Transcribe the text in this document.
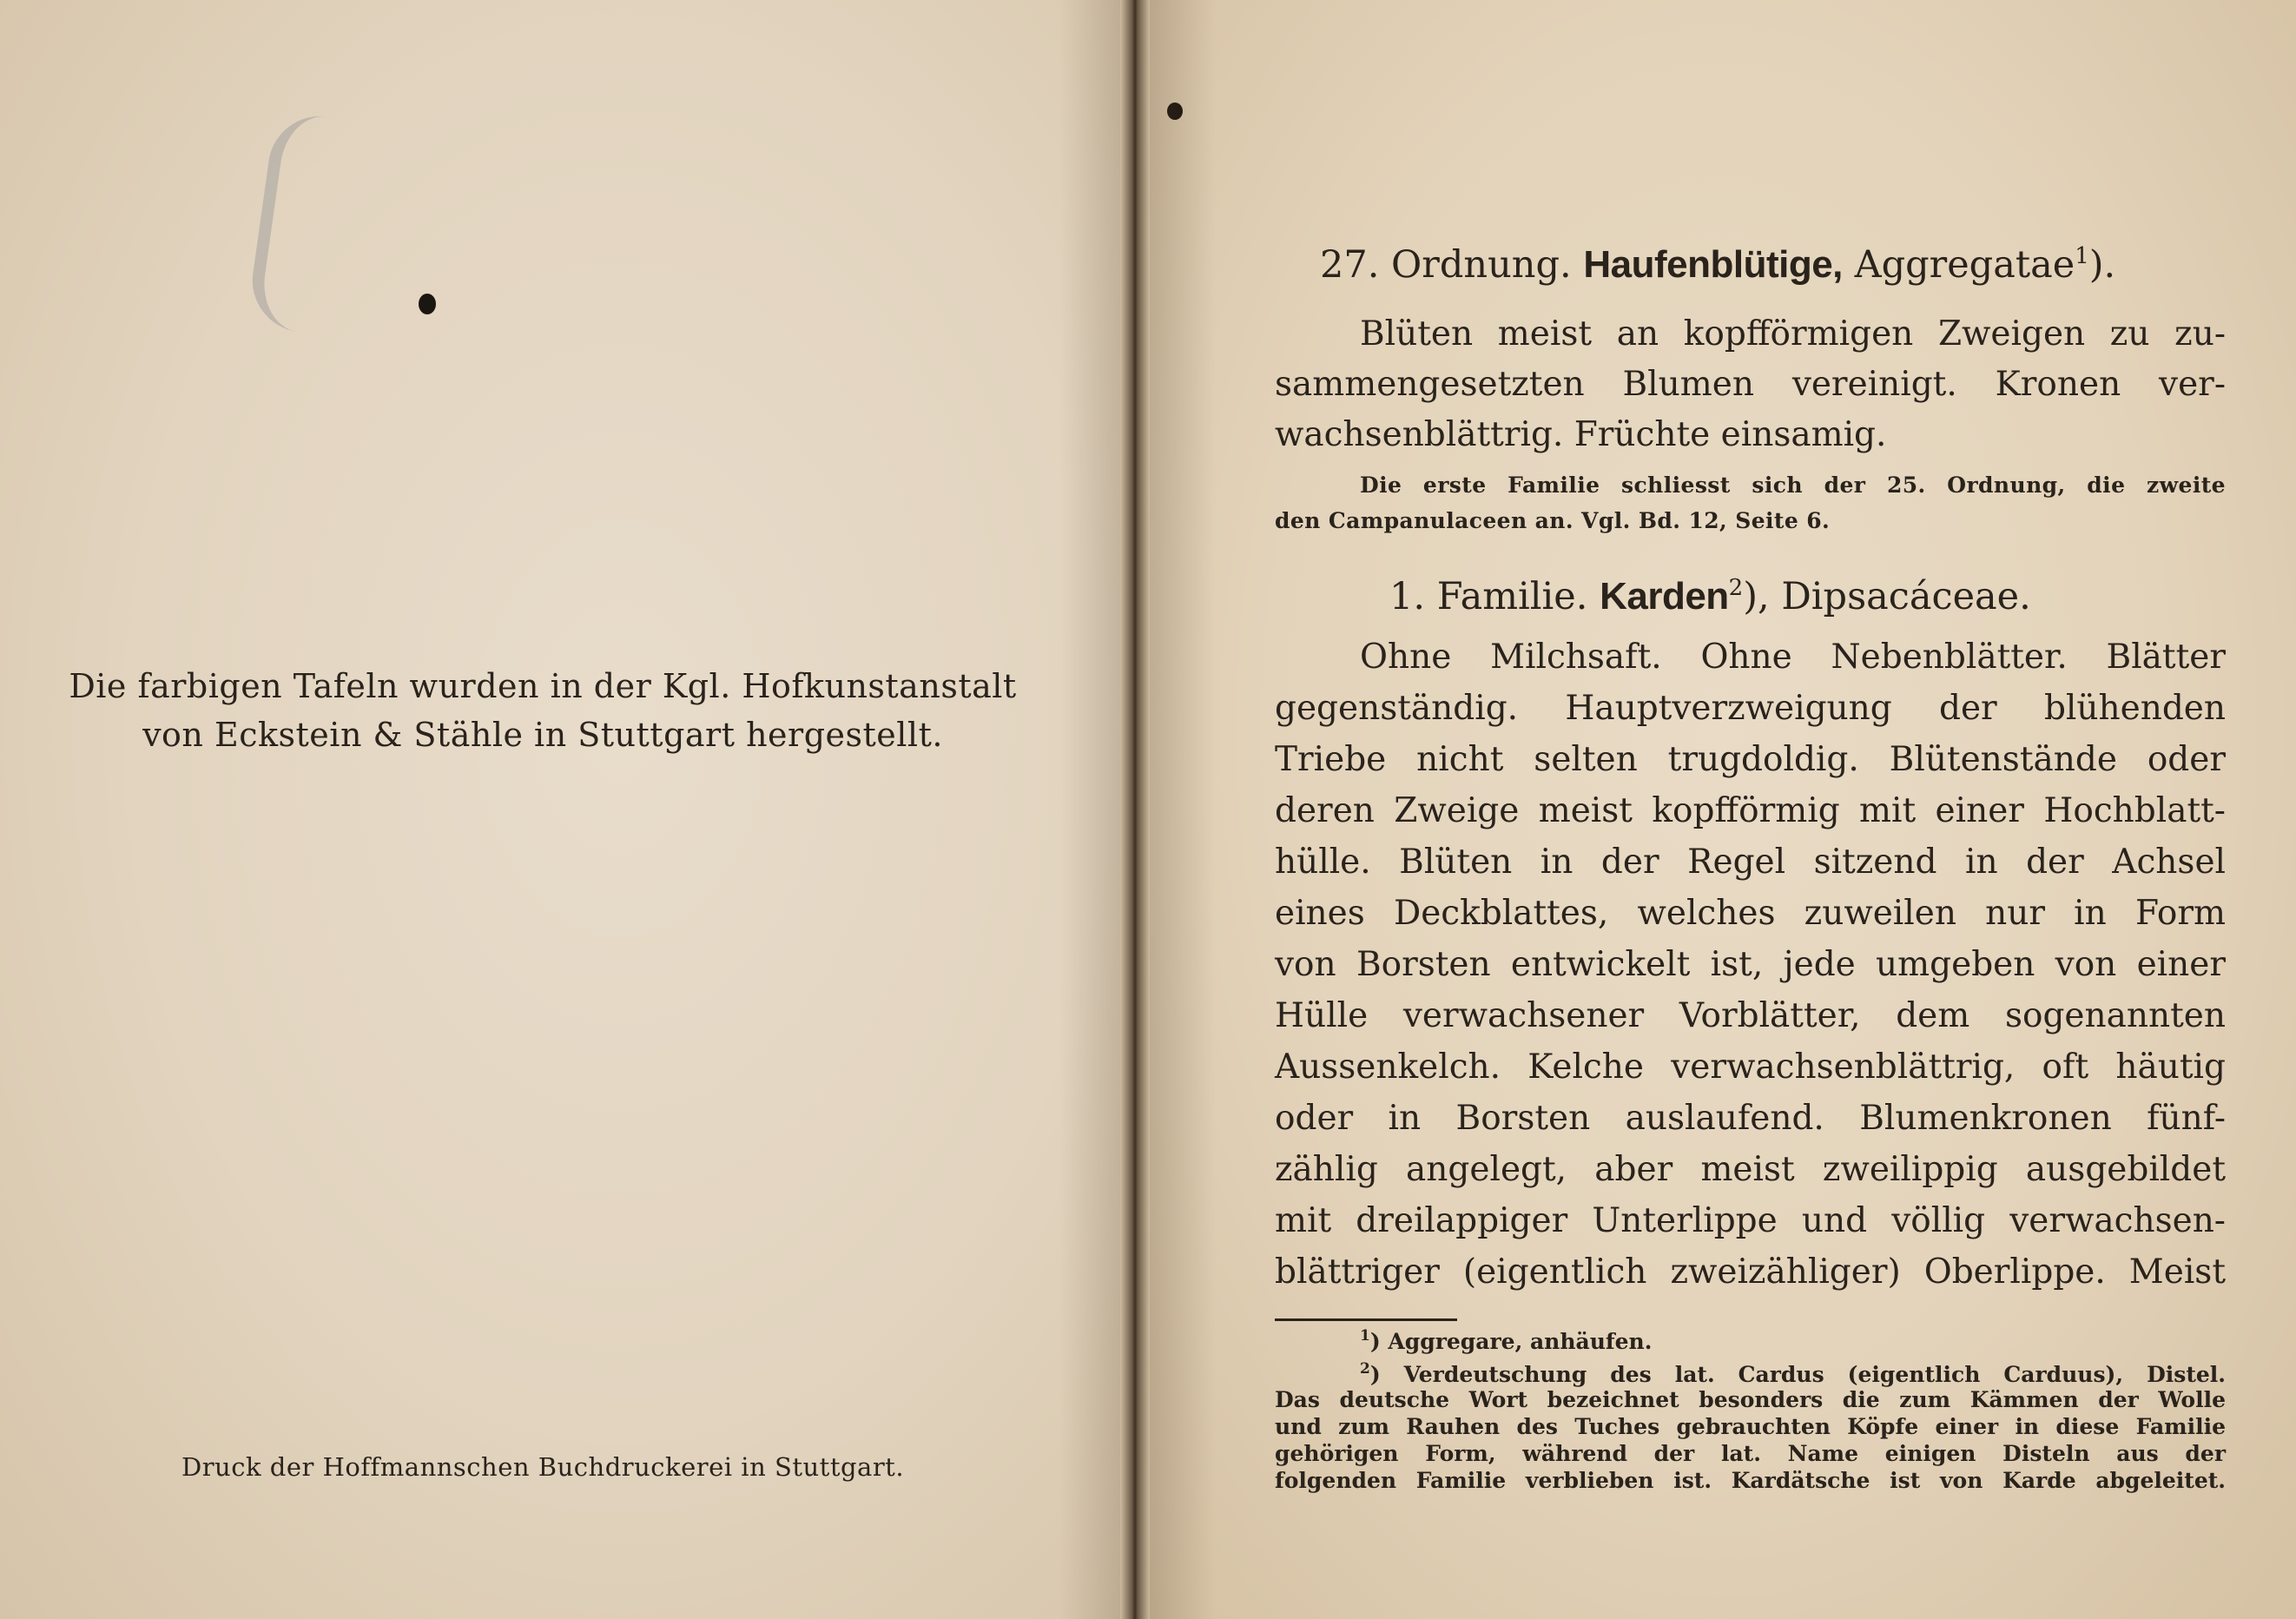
Die farbigen Tafeln wurden in der Kgl. Hofkunstanstalt
von Eckstein & Stähle in Stuttgart hergestellt.
Druck der Hoffmannschen Buchdruckerei in Stuttgart.
27. Ordnung. Haufenblütige, Aggregatae$^1$).
Blüten meist an kopfförmigen Zweigen zu zu-
sammengesetzten Blumen vereinigt. Kronen ver-
wachsenblättrig. Früchte einsamig.
Die erste Familie schliesst sich der 25. Ordnung, die zweite
den Campanulaceen an. Vgl. Bd. 12, Seite 6.
1. Familie. Karden$^2$), Dipsacáceae.
Ohne Milchsaft. Ohne Nebenblätter. Blätter
gegenständig. Hauptverzweigung der blühenden
Triebe nicht selten trugdoldig. Blütenstände oder
deren Zweige meist kopfförmig mit einer Hochblatt-
hülle. Blüten in der Regel sitzend in der Achsel
eines Deckblattes, welches zuweilen nur in Form
von Borsten entwickelt ist, jede umgeben von einer
Hülle verwachsener Vorblätter, dem sogenannten
Aussenkelch. Kelche verwachsenblättrig, oft häutig
oder in Borsten auslaufend. Blumenkronen fünf-
zählig angelegt, aber meist zweilippig ausgebildet
mit dreilappiger Unterlippe und völlig verwachsen-
blättriger (eigentlich zweizähliger) Oberlippe. Meist
$^1$) Aggregare, anhäufen.
$^2$) Verdeutschung des lat. Cardus (eigentlich Carduus), Distel.
Das deutsche Wort bezeichnet besonders die zum Kämmen der Wolle
und zum Rauhen des Tuches gebrauchten Köpfe einer in diese Familie
gehörigen Form, während der lat. Name einigen Disteln aus der
folgenden Familie verblieben ist. Kardätsche ist von Karde abgeleitet.
